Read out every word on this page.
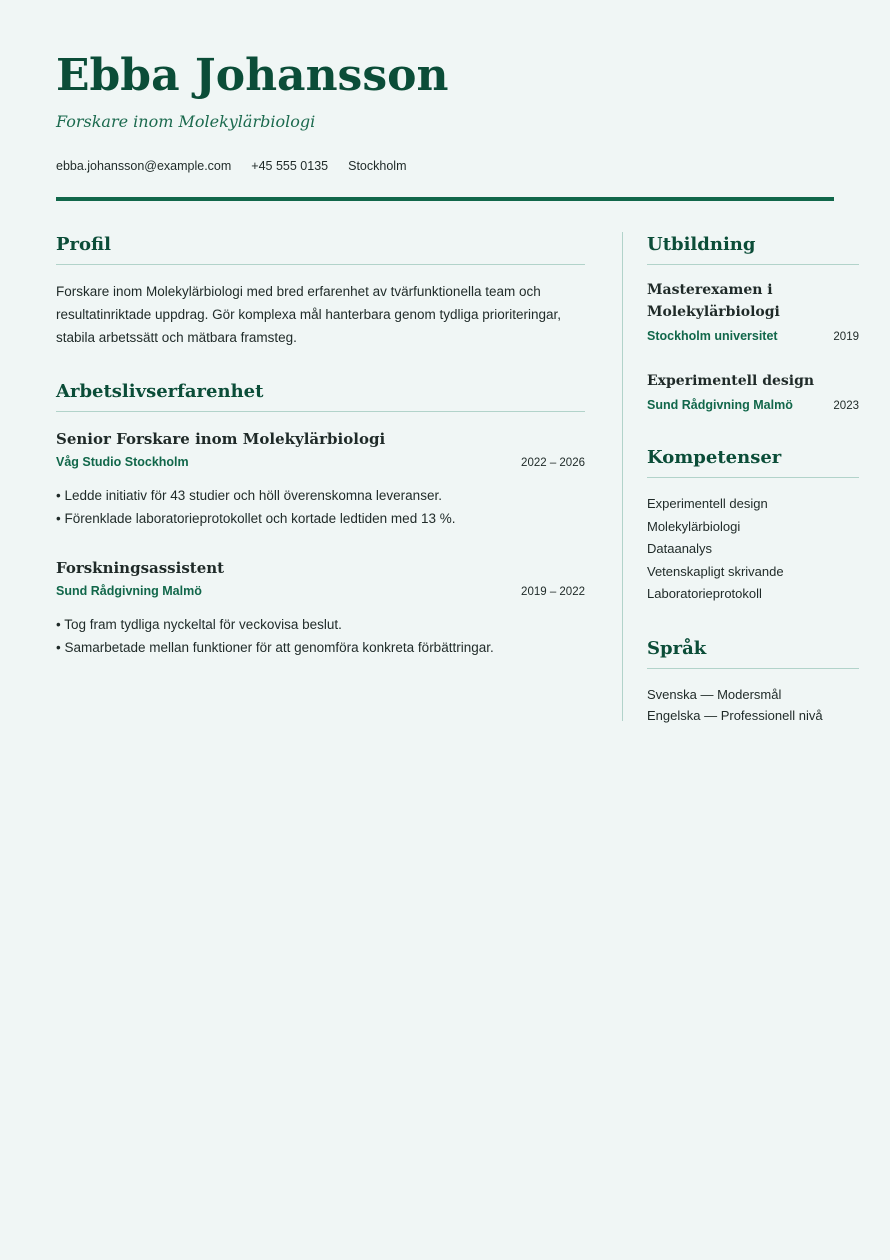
Ebba Johansson
Forskare inom Molekylärbiologi
ebba.johansson@example.com +45 555 0135 Stockholm
Profil
Forskare inom Molekylärbiologi med bred erfarenhet av tvärfunktionella team och resultatinriktade uppdrag. Gör komplexa mål hanterbara genom tydliga prioriteringar, stabila arbetssätt och mätbara framsteg.
Arbetslivserfarenhet
Senior Forskare inom Molekylärbiologi
Våg Studio Stockholm	2022 – 2026
• Ledde initiativ för 43 studier och höll överenskomna leveranser.
• Förenklade laboratorieprotokollet och kortade ledtiden med 13 %.
Forskningsassistent
Sund Rådgivning Malmö	2019 – 2022
• Tog fram tydliga nyckeltal för veckovisa beslut.
• Samarbetade mellan funktioner för att genomföra konkreta förbättringar.
Utbildning
Masterexamen i Molekylärbiologi
Stockholm universitet	2019
Experimentell design
Sund Rådgivning Malmö	2023
Kompetenser
Experimentell design
Molekylärbiologi
Dataanalys
Vetenskapligt skrivande
Laboratorieprotokoll
Språk
Svenska — Modersmål
Engelska — Professionell nivå
